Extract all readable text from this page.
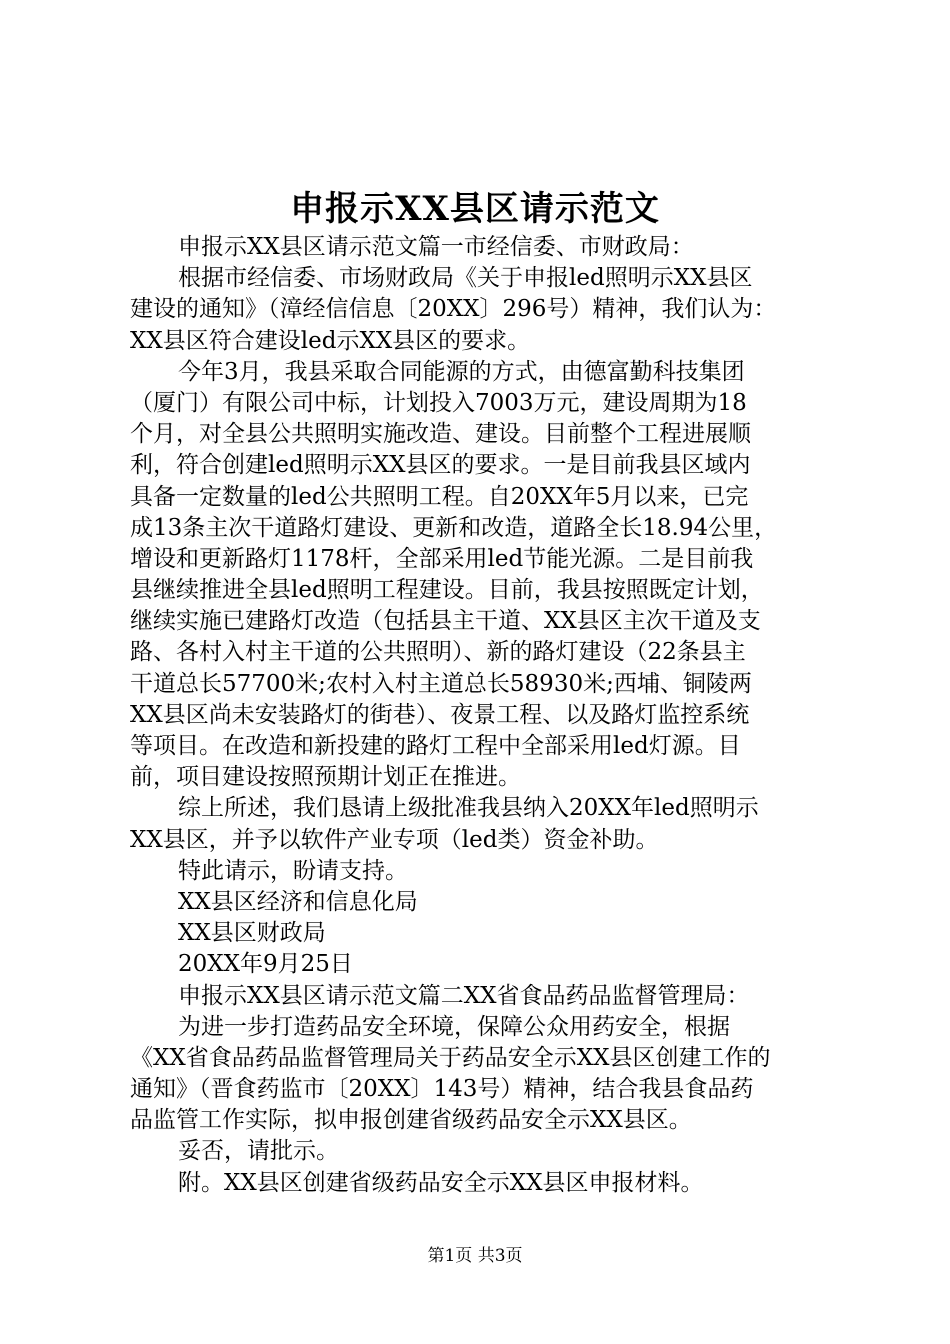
申报示XX县区请示范文
申报示XX县区请示范文篇一市经信委、市财政局：
根据市经信委、市场财政局《关于申报led照明示XX县区
建设的通知》（漳经信信息〔20XX〕296号）精神，我们认为：
XX县区符合建设led示XX县区的要求。
今年3月，我县采取合同能源的方式，由德富勤科技集团
（厦门）有限公司中标，计划投入7003万元，建设周期为18
个月，对全县公共照明实施改造、建设。目前整个工程进展顺
利，符合创建led照明示XX县区的要求。一是目前我县区域内
具备一定数量的led公共照明工程。自20XX年5月以来，已完
成13条主次干道路灯建设、更新和改造，道路全长18.94公里，
增设和更新路灯1178杆，全部采用led节能光源。二是目前我
县继续推进全县led照明工程建设。目前，我县按照既定计划，
继续实施已建路灯改造（包括县主干道、XX县区主次干道及支
路、各村入村主干道的公共照明）、新的路灯建设（22条县主
干道总长57700米;农村入村主道总长58930米;西埔、铜陵两
XX县区尚未安装路灯的街巷）、夜景工程、以及路灯监控系统
等项目。在改造和新投建的路灯工程中全部采用led灯源。目
前，项目建设按照预期计划正在推进。
综上所述，我们恳请上级批准我县纳入20XX年led照明示
XX县区，并予以软件产业专项（led类）资金补助。
特此请示，盼请支持。
XX县区经济和信息化局
XX县区财政局
20XX年9月25日
申报示XX县区请示范文篇二XX省食品药品监督管理局：
为进一步打造药品安全环境，保障公众用药安全，根据
《XX省食品药品监督管理局关于药品安全示XX县区创建工作的
通知》（晋食药监市〔20XX〕143号）精神，结合我县食品药
品监管工作实际，拟申报创建省级药品安全示XX县区。
妥否，请批示。
附。XX县区创建省级药品安全示XX县区申报材料。
第1页 共3页
